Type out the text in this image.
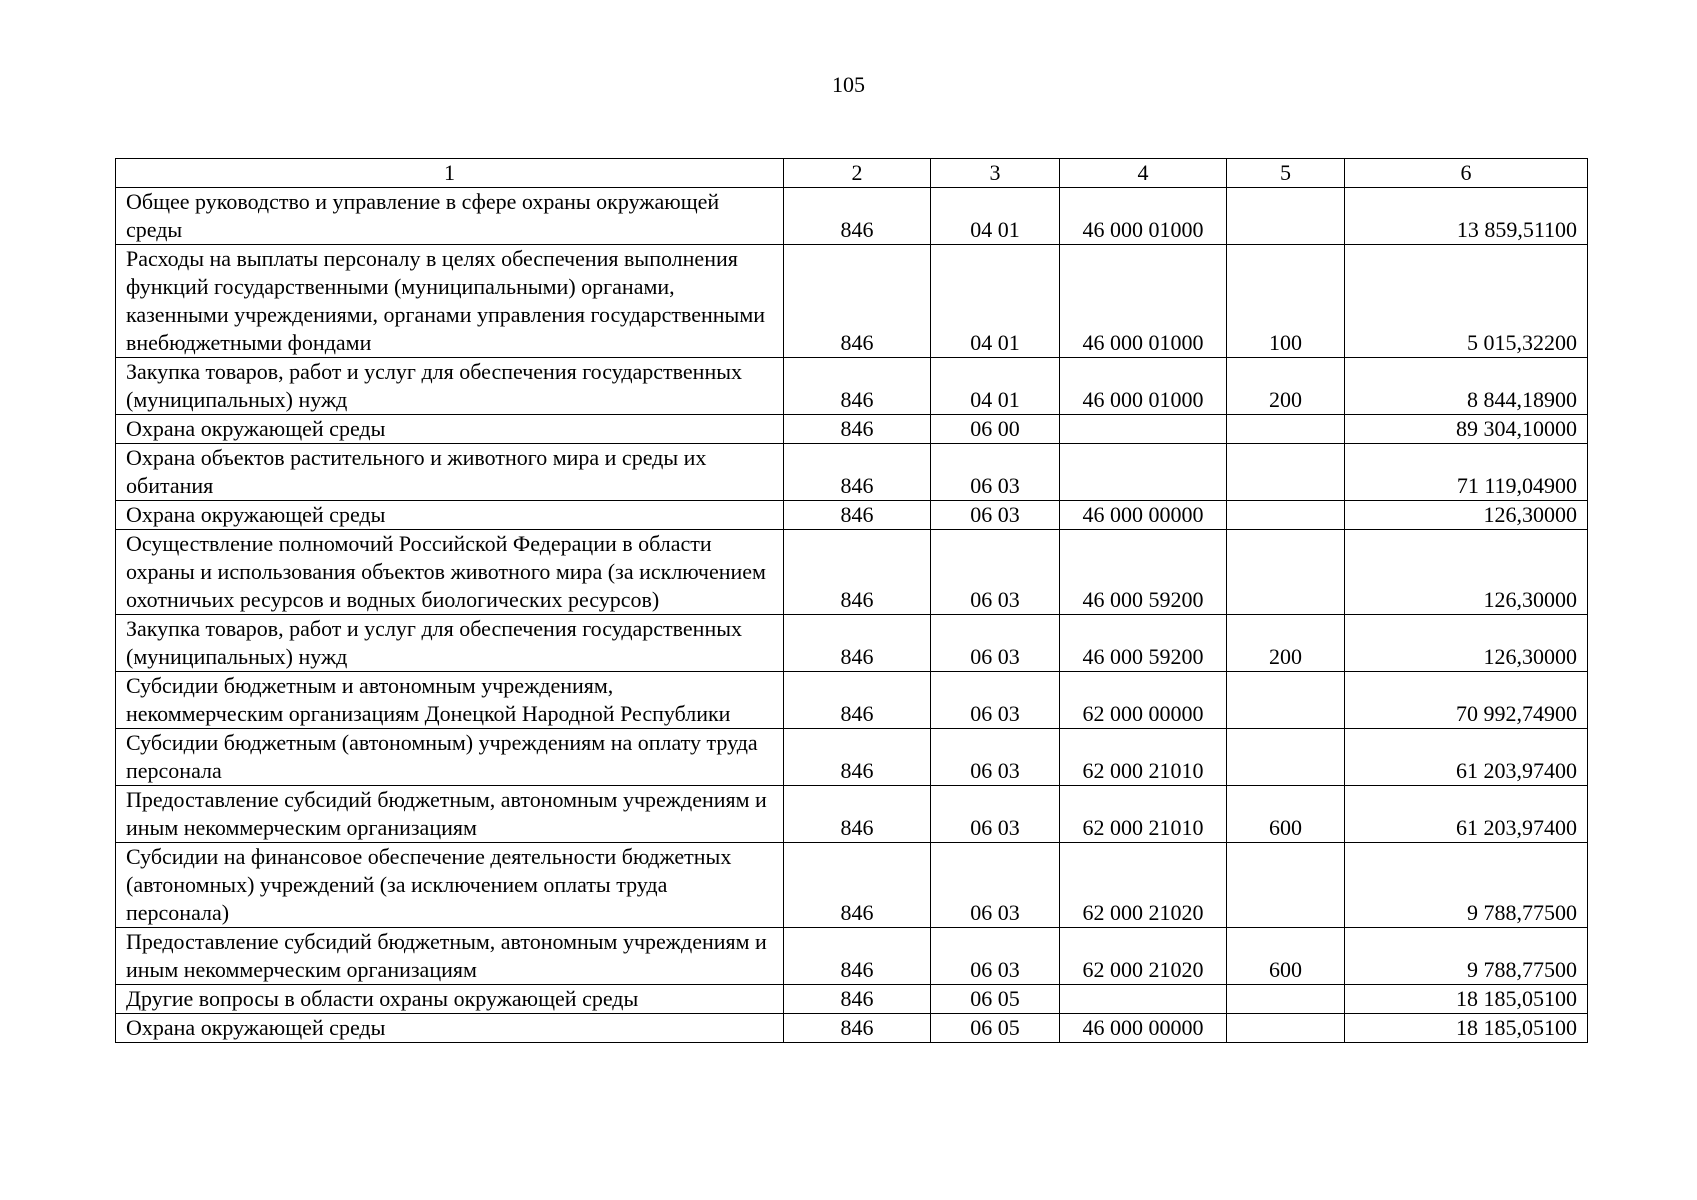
105
1	2	3	4	5	6
Общее руководство и управление в сфере охраны окружающей среды	846	04 01	46 000 01000		13 859,51100
Расходы на выплаты персоналу в целях обеспечения выполнения функций государственными (муниципальными) органами, казенными учреждениями, органами управления государственными внебюджетными фондами	846	04 01	46 000 01000	100	5 015,32200
Закупка товаров, работ и услуг для обеспечения государственных (муниципальных) нужд	846	04 01	46 000 01000	200	8 844,18900
Охрана окружающей среды	846	06 00			89 304,10000
Охрана объектов растительного и животного мира и среды их обитания	846	06 03			71 119,04900
Охрана окружающей среды	846	06 03	46 000 00000		126,30000
Осуществление полномочий Российской Федерации в области охраны и использования объектов животного мира (за исключением охотничьих ресурсов и водных биологических ресурсов)	846	06 03	46 000 59200		126,30000
Закупка товаров, работ и услуг для обеспечения государственных (муниципальных) нужд	846	06 03	46 000 59200	200	126,30000
Субсидии бюджетным и автономным учреждениям, некоммерческим организациям Донецкой Народной Республики	846	06 03	62 000 00000		70 992,74900
Субсидии бюджетным (автономным) учреждениям на оплату труда персонала	846	06 03	62 000 21010		61 203,97400
Предоставление субсидий бюджетным, автономным учреждениям и иным некоммерческим организациям	846	06 03	62 000 21010	600	61 203,97400
Субсидии на финансовое обеспечение деятельности бюджетных (автономных) учреждений (за исключением оплаты труда персонала)	846	06 03	62 000 21020		9 788,77500
Предоставление субсидий бюджетным, автономным учреждениям и иным некоммерческим организациям	846	06 03	62 000 21020	600	9 788,77500
Другие вопросы в области охраны окружающей среды	846	06 05			18 185,05100
Охрана окружающей среды	846	06 05	46 000 00000		18 185,05100
